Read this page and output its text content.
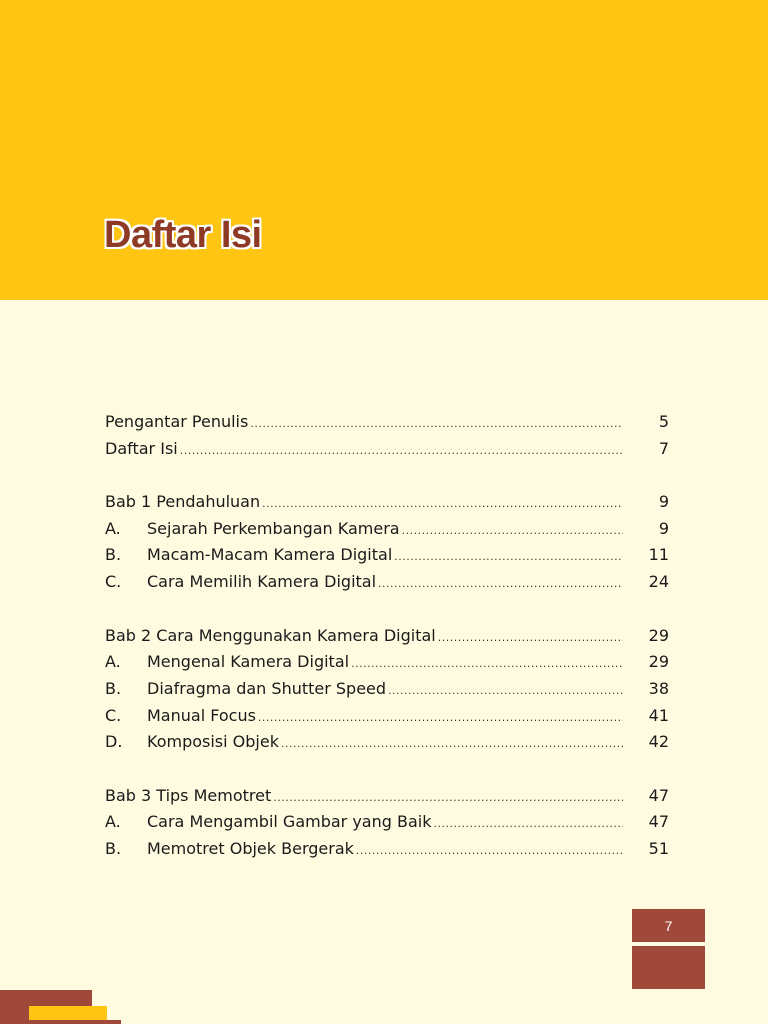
Daftar Isi
Pengantar Penulis .....	5
Daftar Isi .....	7
Bab 1 Pendahuluan .....	9
A.	Sejarah Perkembangan Kamera .....	9
B.	Macam-Macam Kamera Digital .....	11
C.	Cara Memilih Kamera Digital .....	24
Bab 2 Cara Menggunakan Kamera Digital .....	29
A.	Mengenal Kamera Digital .....	29
B.	Diafragma dan Shutter Speed .....	38
C.	Manual Focus .....	41
D.	Komposisi Objek .....	42
Bab 3 Tips Memotret .....	47
A.	Cara Mengambil Gambar yang Baik .....	47
B.	Memotret Objek Bergerak .....	51
7
